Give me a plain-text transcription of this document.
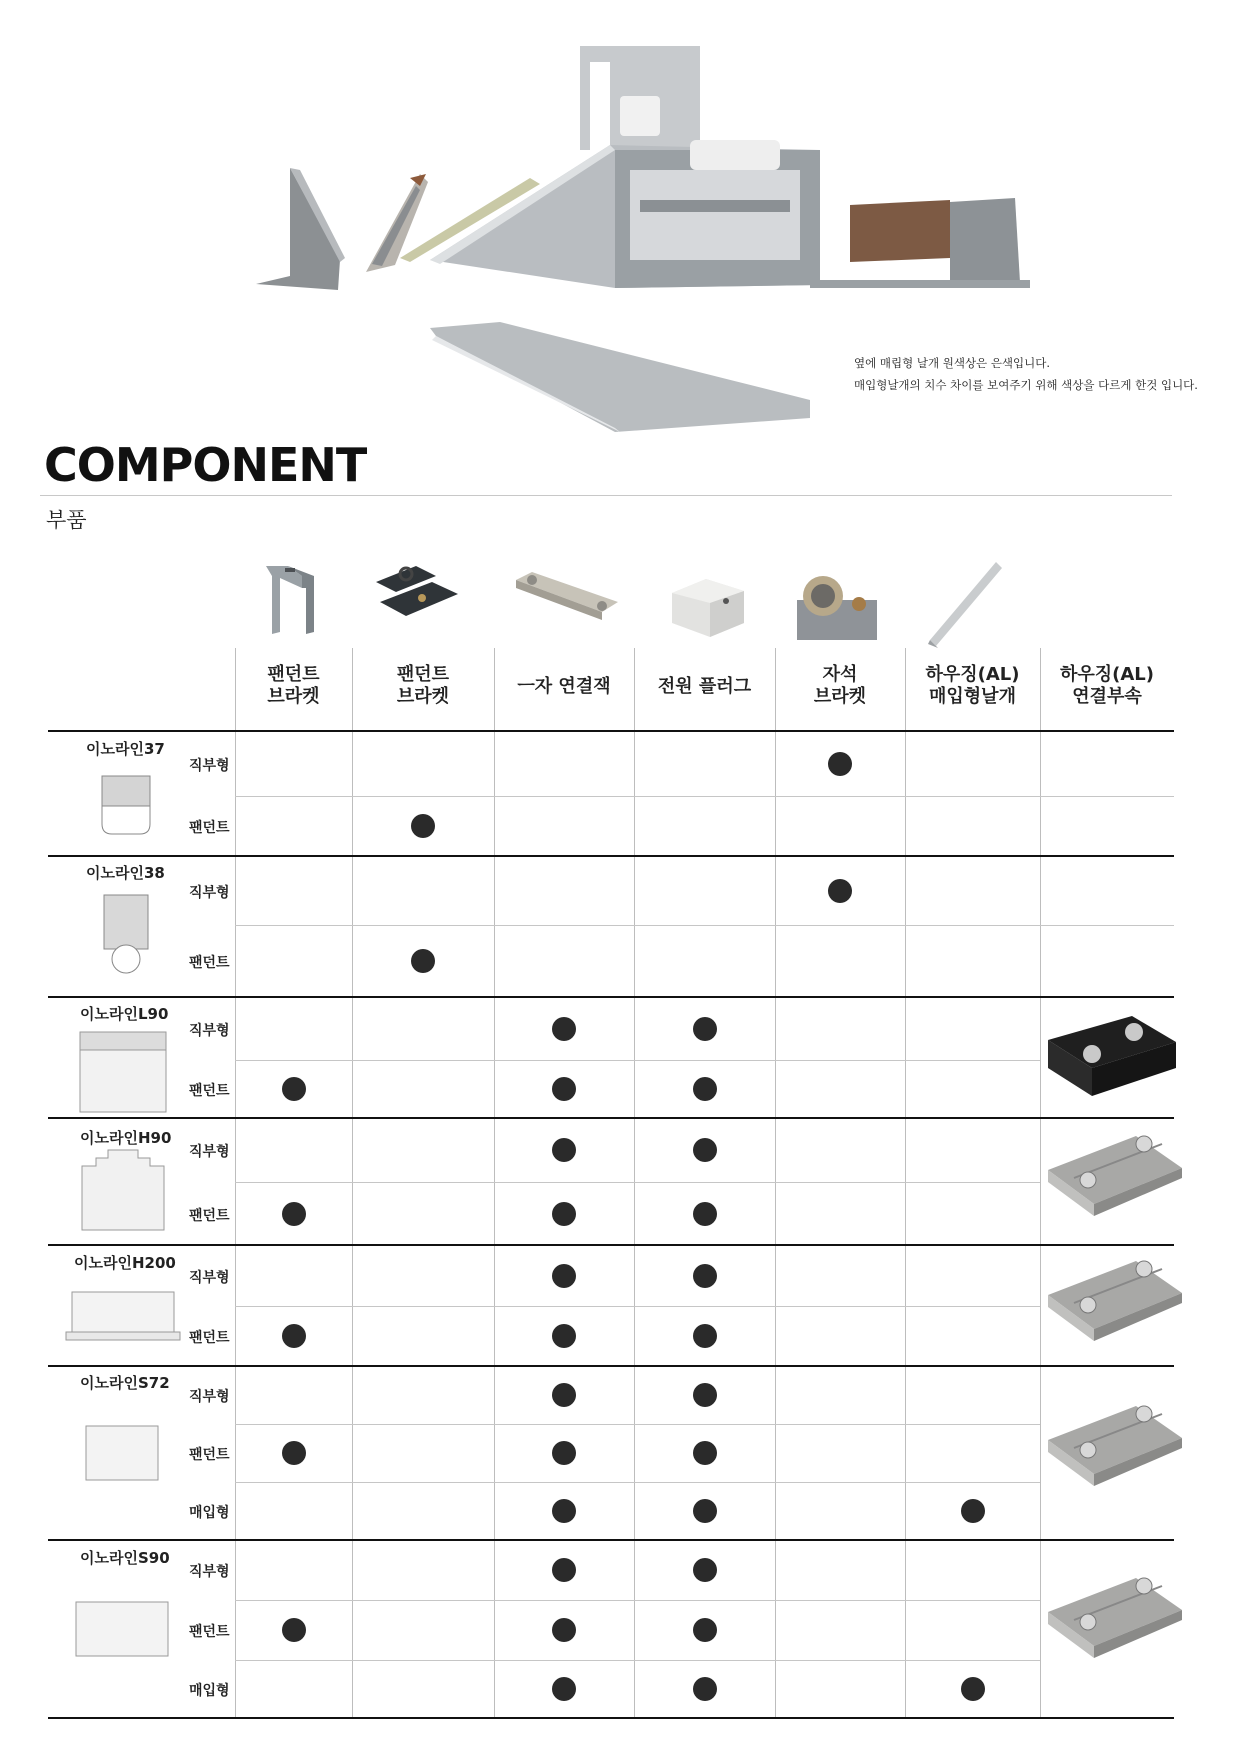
옆에 매립형 날개 원색상은 은색입니다.
매입형날개의 치수 차이를 보여주기 위해 색상을 다르게 한것 입니다.
COMPONENT
부품
팬던트
브라켓
팬던트
브라켓	ㅡ자 연결잭	전원 플러그
자석
브라켓
하우징(AL)
매입형날개
하우징(AL)
연결부속
이노라인37
직부형
팬던트
이노라인38
직부형
팬던트
이노라인L90
직부형
팬던트
이노라인H90
직부형
팬던트
이노라인H200
직부형
팬던트
이노라인S72
직부형
팬던트
매입형
이노라인S90
직부형
팬던트
매입형
